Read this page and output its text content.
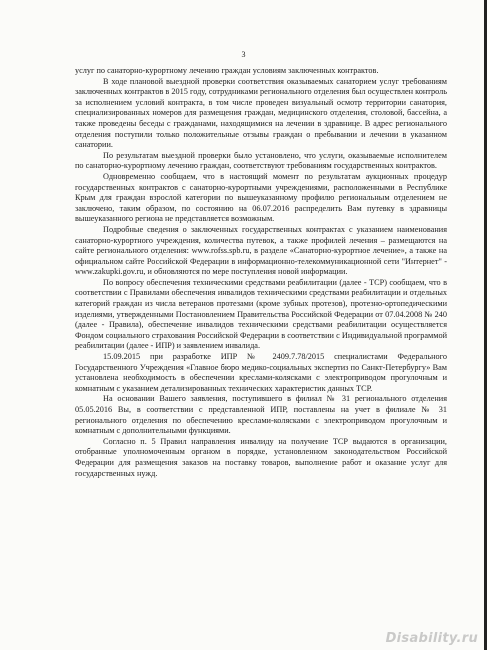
3

услуг по санаторно-курортному лечению граждан условиям заключенных контрактов.

В ходе плановой выездной проверки соответствия оказываемых санаторием услуг требованиям заключенных контрактов в 2015 году, сотрудниками регионального отделения был осуществлен контроль за исполнением условий контракта, в том числе проведен визуальный осмотр территории санатория, специализированных номеров для размещения граждан, медицинского отделения, столовой, бассейна, а также проведены беседы с гражданами, находящимися на лечении в здравнице. В адрес регионального отделения поступили только положительные отзывы граждан о пребывании и лечении в указанном санатории.

По результатам выездной проверки было установлено, что услуги, оказываемые исполнителем по санаторно-курортному лечению граждан, соответствуют требованиям государственных контрактов.

Одновременно сообщаем, что в настоящий момент по результатам аукционных процедур государственных контрактов с санаторно-курортными учреждениями, расположенными в Республике Крым для граждан взрослой категории по вышеуказанному профилю региональным отделением не заключено, таким образом, по состоянию на 06.07.2016 распределить Вам путевку в здравницы вышеуказанного региона не представляется возможным.

Подробные сведения о заключенных государственных контрактах с указанием наименования санаторно-курортного учреждения, количества путевок, а также профилей лечения – размещаются на сайте регионального отделения: www.rofss.spb.ru, в разделе «Санаторно-курортное лечение», а также на официальном сайте Российской Федерации в информационно-телекоммуникационной сети "Интернет" - www.zakupki.gov.ru, и обновляются по мере поступления новой информации.

По вопросу обеспечения техническими средствами реабилитации (далее - ТСР) сообщаем, что в соответствии с Правилами обеспечения инвалидов техническими средствами реабилитации и отдельных категорий граждан из числа ветеранов протезами (кроме зубных протезов), протезно-ортопедическими изделиями, утвержденными Постановлением Правительства Российской Федерации от 07.04.2008 № 240 (далее - Правила), обеспечение инвалидов техническими средствами реабилитации осуществляется Фондом социального страхования Российской Федерации в соответствии с Индивидуальной программой реабилитации (далее - ИПР) и заявлением инвалида.

15.09.2015 при разработке ИПР № 2409.7.78/2015 специалистами Федерального Государственного Учреждения «Главное бюро медико-социальных экспертиз по Санкт-Петербургу» Вам установлена необходимость в обеспечении креслами-колясками с электроприводом прогулочным и комнатным с указанием детализированных технических характеристик данных ТСР.

На основании Вашего заявления, поступившего в филиал № 31 регионального отделения 05.05.2016 Вы, в соответствии с представленной ИПР, поставлены на учет в филиале № 31 регионального отделения по обеспечению креслами-колясками с электроприводом прогулочным и комнатным с дополнительными функциями.

Согласно п. 5 Правил направления инвалиду на получение ТСР выдаются в организации, отобранные уполномоченным органом в порядке, установленном законодательством Российской Федерации для размещения заказов на поставку товаров, выполнение работ и оказание услуг для государственных нужд.

Disability.ru
